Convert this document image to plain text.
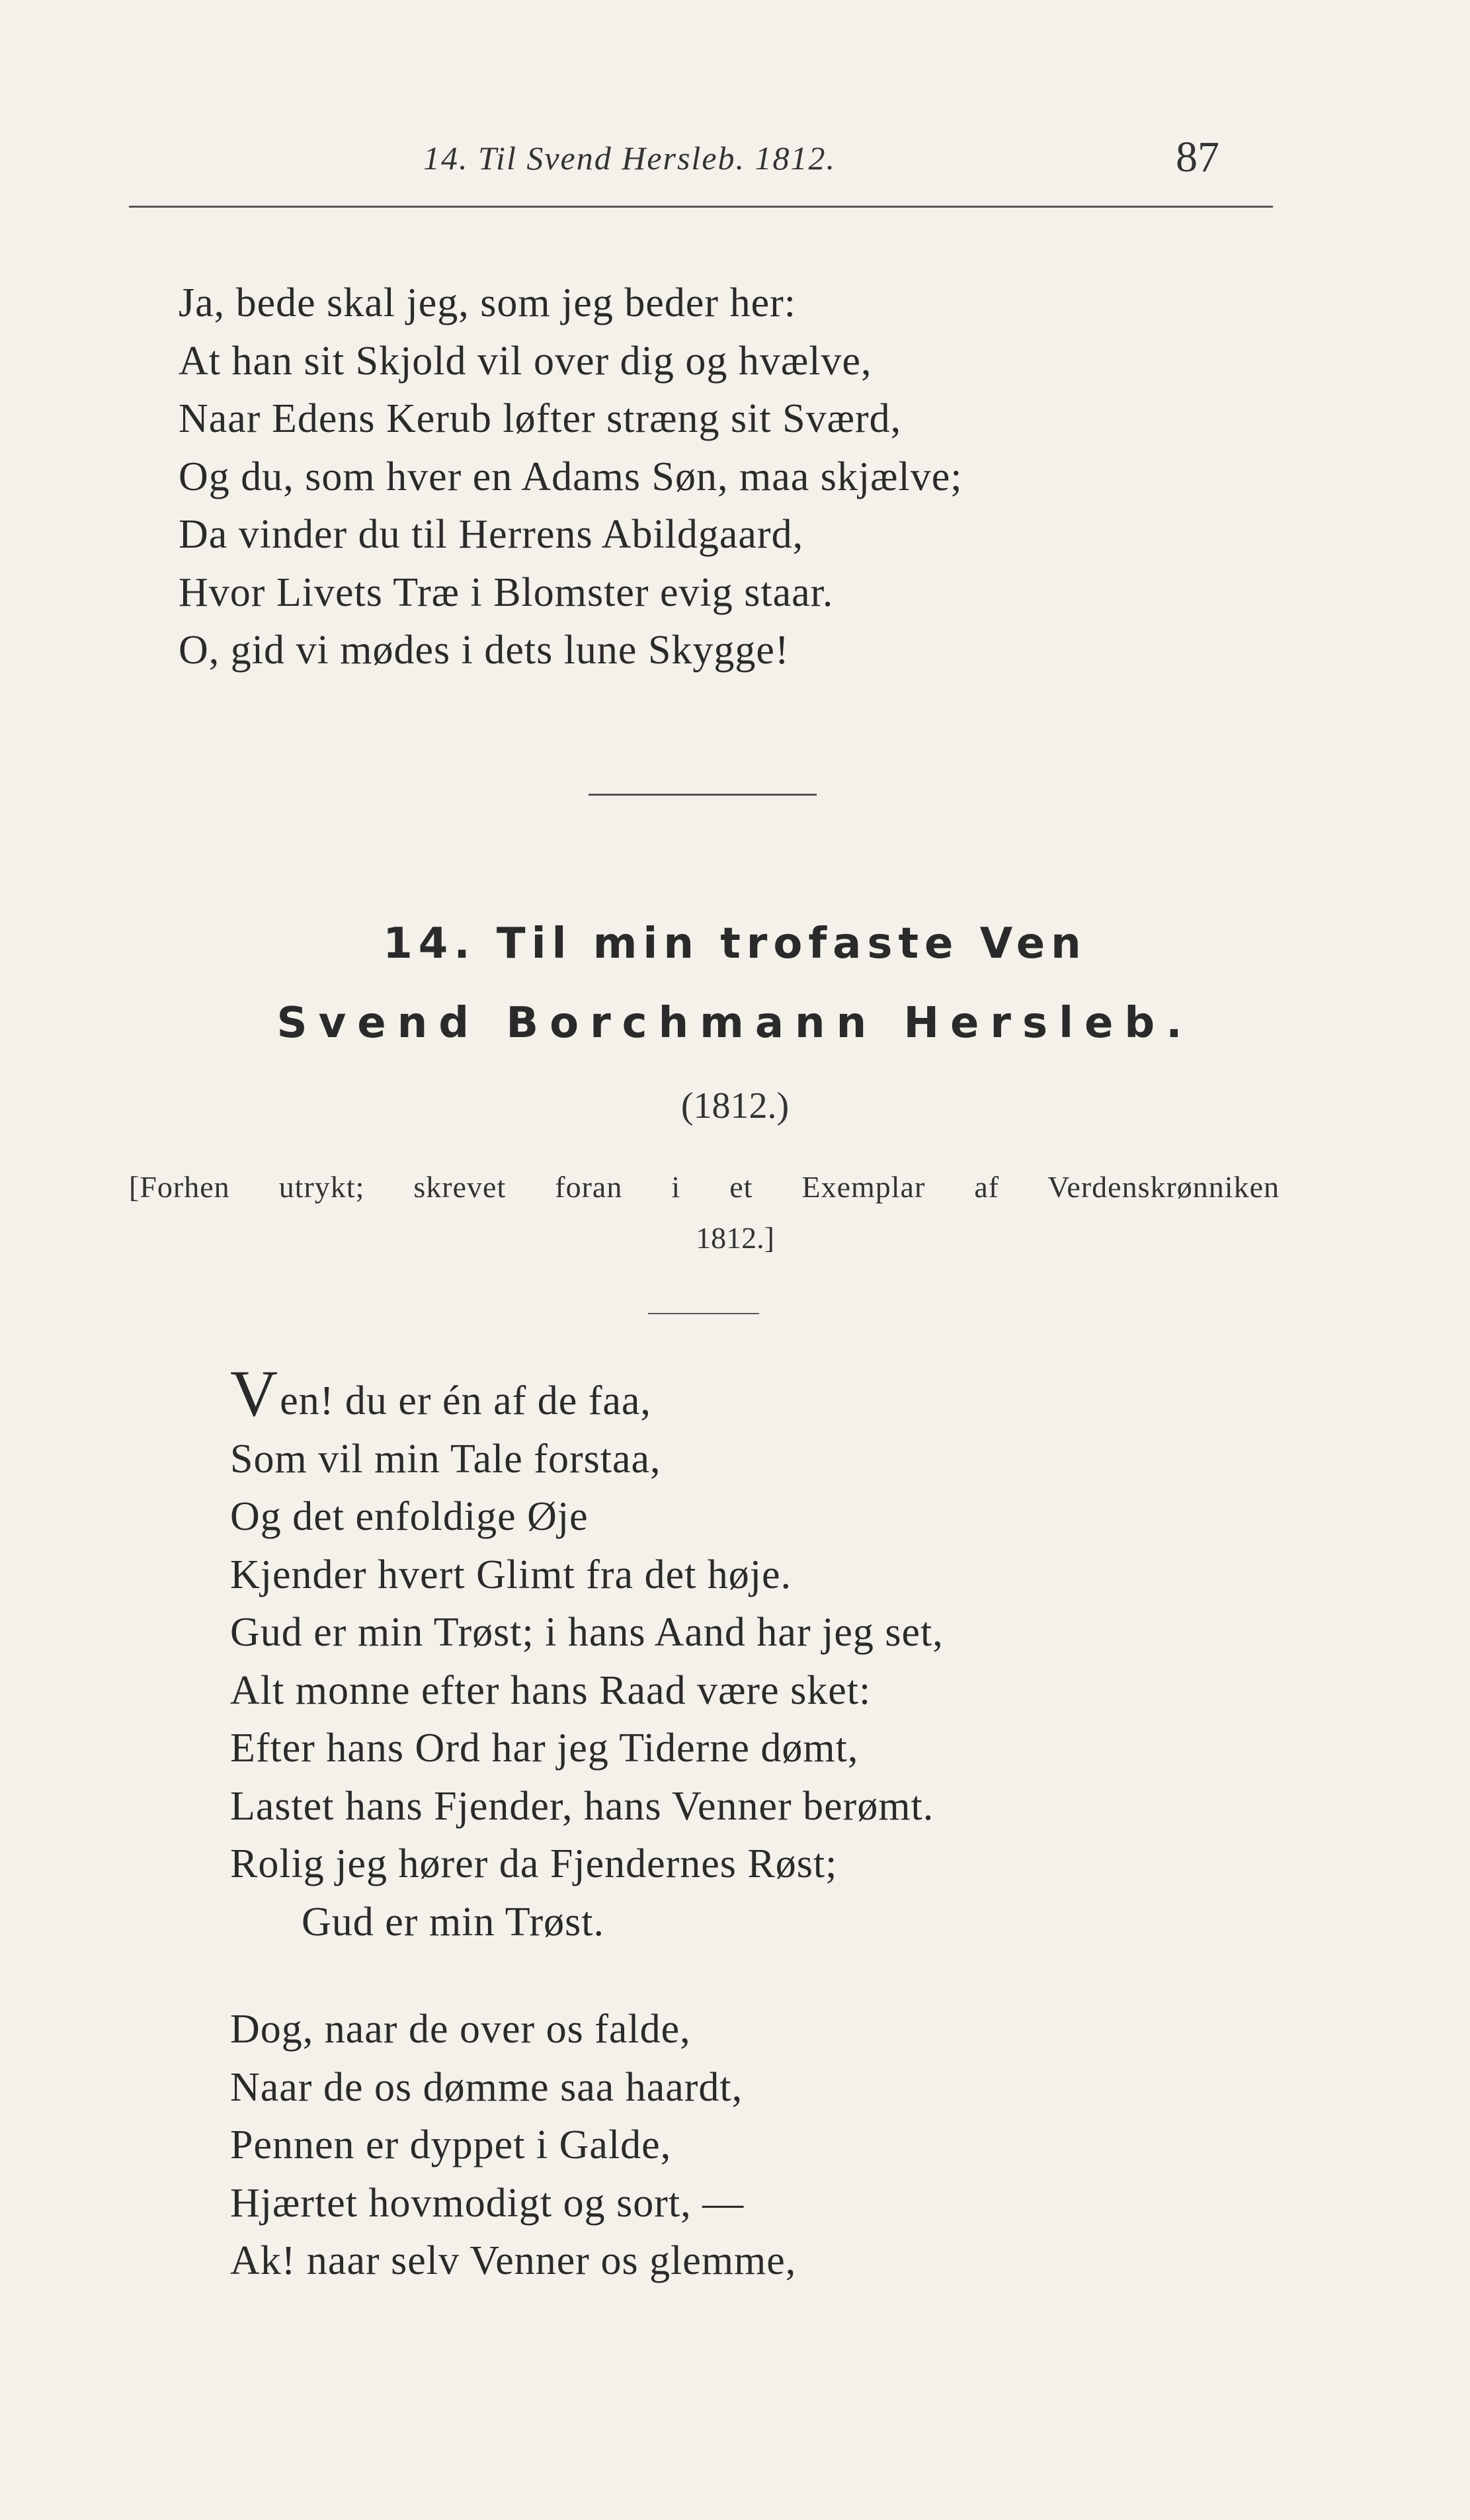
14. Til Svend Hersleb. 1812.	87
Ja, bede skal jeg, som jeg beder her:
At han sit Skjold vil over dig og hvælve,
Naar Edens Kerub løfter stræng sit Sværd,
Og du, som hver en Adams Søn, maa skjælve;
Da vinder du til Herrens Abildgaard,
Hvor Livets Træ i Blomster evig staar.
O, gid vi mødes i dets lune Skygge!
14. Til min trofaste Ven
Svend Borchmann Hersleb.
(1812.)
[Forhen utrykt; skrevet foran i et Exemplar af Verdenskrønniken
1812.]
Ven! du er én af de faa,
Som vil min Tale forstaa,
Og det enfoldige Øje
Kjender hvert Glimt fra det høje.
Gud er min Trøst; i hans Aand har jeg set,
Alt monne efter hans Raad være sket:
Efter hans Ord har jeg Tiderne dømt,
Lastet hans Fjender, hans Venner berømt.
Rolig jeg hører da Fjendernes Røst;
Gud er min Trøst.
Dog, naar de over os falde,
Naar de os dømme saa haardt,
Pennen er dyppet i Galde,
Hjærtet hovmodigt og sort, —
Ak! naar selv Venner os glemme,
